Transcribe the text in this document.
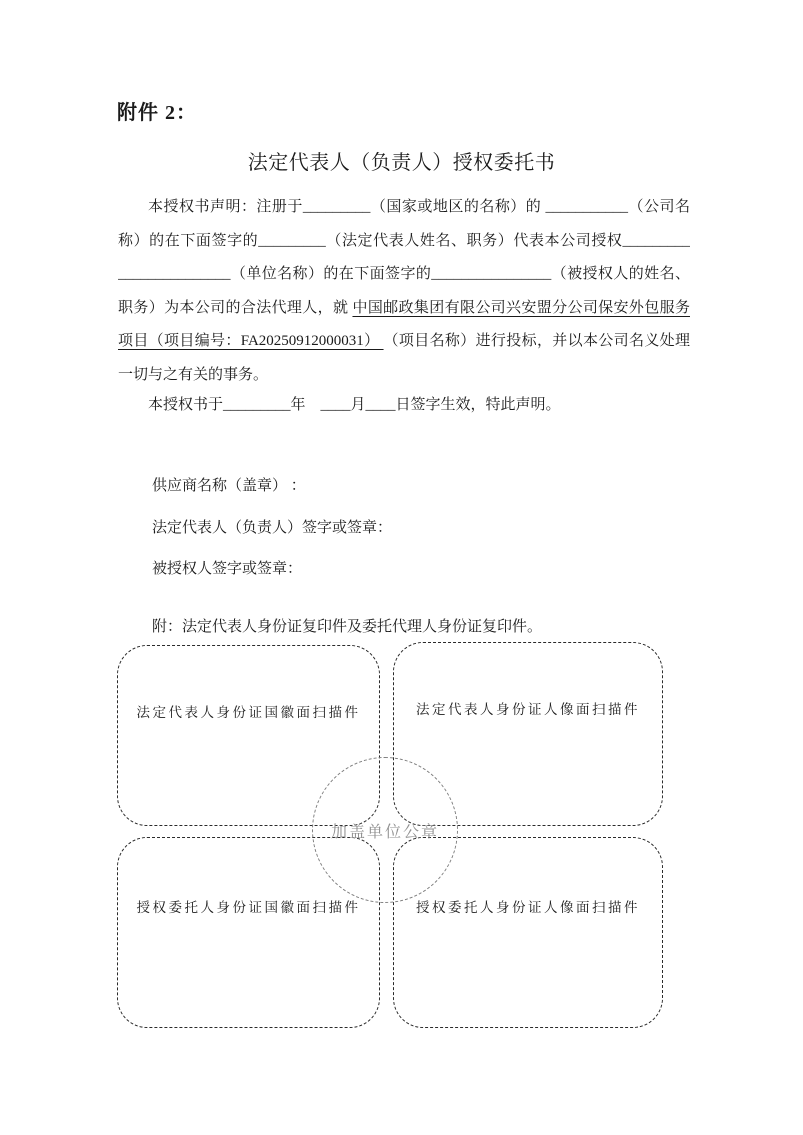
附件 2：
法定代表人（负责人）授权委托书
本授权书声明：注册于_________（国家或地区的名称）的 ___________（公司名
称）的在下面签字的_________（法定代表人姓名、职务）代表本公司授权_________
_______________（单位名称）的在下面签字的________________（被授权人的姓名、
职务）为本公司的合法代理人，就 中国邮政集团有限公司兴安盟分公司保安外包服务
项目（项目编号：FA20250912000031） （项目名称）进行投标，并以本公司名义处理
一切与之有关的事务。
本授权书于_________年　____月____日签字生效，特此声明。
供应商名称（盖章） ：
法定代表人（负责人）签字或签章：
被授权人签字或签章：
附：法定代表人身份证复印件及委托代理人身份证复印件。
法定代表人身份证国徽面扫描件	法定代表人身份证人像面扫描件
授权委托人身份证国徽面扫描件	授权委托人身份证人像面扫描件
加盖单位公章
